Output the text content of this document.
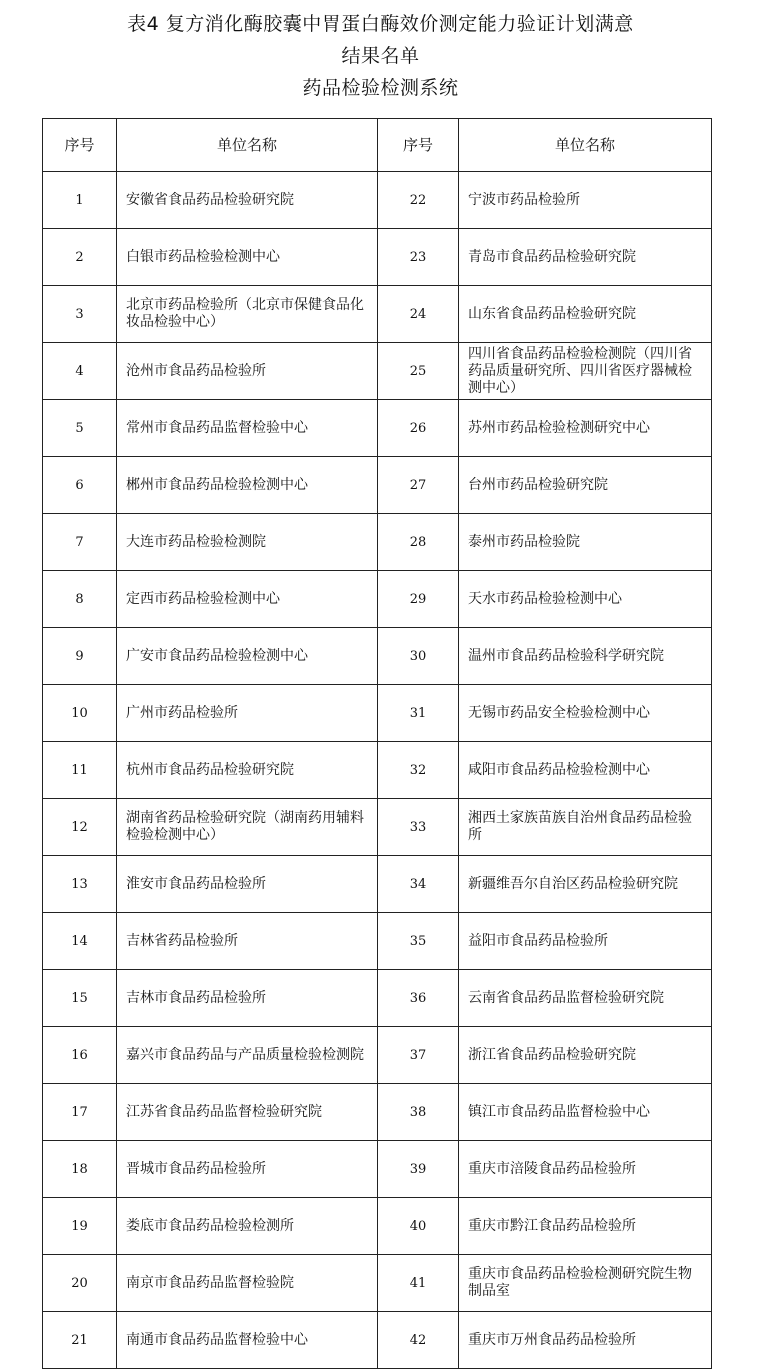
表4 复方消化酶胶囊中胃蛋白酶效价测定能力验证计划满意
结果名单
药品检验检测系统
序号	单位名称	序号	单位名称
1	安徽省食品药品检验研究院	22	宁波市药品检验所
2	白银市药品检验检测中心	23	青岛市食品药品检验研究院
3	北京市药品检验所（北京市保健食品化妆品检验中心）	24	山东省食品药品检验研究院
4	沧州市食品药品检验所	25	四川省食品药品检验检测院（四川省药品质量研究所、四川省医疗器械检测中心）
5	常州市食品药品监督检验中心	26	苏州市药品检验检测研究中心
6	郴州市食品药品检验检测中心	27	台州市药品检验研究院
7	大连市药品检验检测院	28	泰州市药品检验院
8	定西市药品检验检测中心	29	天水市药品检验检测中心
9	广安市食品药品检验检测中心	30	温州市食品药品检验科学研究院
10	广州市药品检验所	31	无锡市药品安全检验检测中心
11	杭州市食品药品检验研究院	32	咸阳市食品药品检验检测中心
12	湖南省药品检验研究院（湖南药用辅料检验检测中心）	33	湘西土家族苗族自治州食品药品检验所
13	淮安市食品药品检验所	34	新疆维吾尔自治区药品检验研究院
14	吉林省药品检验所	35	益阳市食品药品检验所
15	吉林市食品药品检验所	36	云南省食品药品监督检验研究院
16	嘉兴市食品药品与产品质量检验检测院	37	浙江省食品药品检验研究院
17	江苏省食品药品监督检验研究院	38	镇江市食品药品监督检验中心
18	晋城市食品药品检验所	39	重庆市涪陵食品药品检验所
19	娄底市食品药品检验检测所	40	重庆市黔江食品药品检验所
20	南京市食品药品监督检验院	41	重庆市食品药品检验检测研究院生物制品室
21	南通市食品药品监督检验中心	42	重庆市万州食品药品检验所
